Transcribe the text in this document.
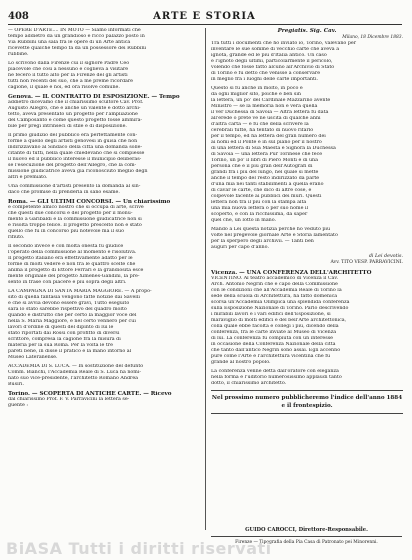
408	ARTE E STORIA
— OPERE D'ARTE.... IN MOTO — Siamo informati che
tempo addietro da un grandioso e ricco palazzo posto in
Via Rubbini una sala fra le opere di un Arte antica
ricevette qualche tempo fa da un possessore dei Rubbini
rubbine.
Lo scrivono dalla Firenze cui il signore Padre Ceo
piacevole che così a nessuno e coglieva a visitare
ne fecero il tutto alto per la Firenze del gli artisti
tutti non recenti del suo, che a me preme ricordare
cagione, il quale è noi, ed ora risolve comune.
Genova. — IL CONTRATTO DI ESPOSIZIONE. — Tempo
addietro dicevamo che il chiarissimo scultore Cav. Prof.
Augusto Allegro, che è anche un valente e dotto archi-
tetto, aveva presentato un progetto per l'ampliazione
del Camposanto e come questo progetto fosse ammira-
bile per pregi intrinseci di stile e di disposizione.
Il primo giudizio del pubblico era perfettamente con-
forme a quello degli artisti genovesi in guisa che non
indirizzavano al Sindaco della città una domanda solle-
citante di tutti, nella quale chiedevano che si compiesse
il nuovo ed il pubblico interesse il municipio deliberas-
se l'esecuzione del progetto dell'Allegro, che la com-
missione giudicatrice aveva già riconosciuto meglio degli
altri e premiato.
Una commissione d'artisti presentò la domanda al sin-
daco che promise di prenderla in sano esame.
Roma. — GLI ULTIMI CONCORSI. — Un chiarissimo
e competente amico nostro che si occupa di arte, scrive
che questi due concorsi e del progetto per il monu-
mento a Garibaldi e la commissione giudicatrice non si
è risolta troppo felice. Il progetto prescelto non è stato
quello che fu in concorso più notevole ma il suo
rifiuto.
Il secondo invece è con molta onestà fu giudice
l'operato della commissione al momento e risolutiva.
Il progetto italiano era effettivamente adatto per le
forme di molti vedere e non fra le quattro scelte che
anima il progetto di Ettore Ferrari e la grandiosità esce
mente originale del progetto Ximenes-Gandini, la pre-
sentò in frase con piacere e più sopra degli altri.
LA CAMPAGNA DI SANTA MARIA MAGGIORE. — A propo-
sito di quella fantasia vengono fatte notizie dai Savelli
e che si avvia devono essere gravi, Tutto eseguito
sarà lo stato sarebbe rispettivo del quadro molto
quando è distrutto che per certo la maggior voce del
nella S. Maria Maggiore, è nel certo vennero per cui
lavori d'ordine di questi del dipinto di lui le
stato riportati dai Rossi con profitto di diversi
scrittore, compresa la cagione fra la misura di
materia per la sua Roma. Per la volta le tre
pareti bene, in disse il pratico e la mano intorno al
Museo Lateranense.
ACCADEMIA DI S. LUCA. — In sostituzione del defunto
Comm. Bianchi, l'Accademia Reale di S. Luca ha nomi-
nato suo vice-presidente, l'architetto Romano Andrea
Busiri.
Torino. — SCOPERTA DI ANTICHE CARTE. — Ricevo
dal chiarissimo Prof. F. V. Parravicini la lettera se-
guente :
Pregiatis. Sig. Cav.
Milano, 18 Dicembre 1883.
Tra tutti i documenti che ho inviato io, Torino, valevano per
inventare le sue somme di vecchio carte che aveva a
ignota, grande ed le più d'Italia antico. Un caso
e l'ignoto degli ultimi, particolarmente il pericolo,
volendo che fosse fatto alcuno all'Archivio di Stato
di Torino e fu detto che venisse a conservare
in meglio fra i luoghi delle carte importanti.
Questo si fu anche in molto, in poco e
da ogni miglior sito, poiché è ben sin
la lettera, un po' del Cardinale Mazzarino avente
Ministro — se la memoria non è vera quella
il ver Duchessa di Savoia — Altra lettera fu data
all'erede o prete ve ne uscita di qualche anni
d'altra carta — e fu che della scrivere la
cerebrali tutte, ha tentato di nuovo rifarlo
per il tempo, ed ha lettera del gran numero dei
ai nomi ed il Ponte e in sul piano per il nostro
di una lettera di Sua Maestà e Signora la Duchessa
di Savoia — una lettera Pur Torinese che fece
Torino, un po' il libri di Piero Monti e di una
persona che è il più gran dell'Autografi di
grandi fra i più del lungo, nel quale si mette
anche il tempo del resto indirizzato da parte
d'una mia nei tanti stabilimenti a quella erano
di cavar le carte, che dico di altre cose, e
colpevole facente ai pubblici dei muri. Questi
lettera non tra il più con la stampa alta
una mia nuova lettera o per suo nome il
scoperto, e con la ricchissima, da saper
quel che, un lotto in mano.
Mando a Lei questa notizia perché ho veduto più
volte nel pregevole giornale Arte e Storia lamentato
per la sperpero degli archivii. — Tanti ben
auguri per capo d'anno.
di Lei devotis.
Avv. TITO VESP. PARRAVICINI.
Vicenza. — UNA CONFERENZA DELL'ARCHITETTO
VICENTINO. Al teatro accademico di Vicenza il Cav.
Arch. Antonio Negrin che è capo della Commissione
con le condizioni che all'Accademia Reale di Torino la
sede della scuola di Architettura, ha fatto domenica
scorsa un'Accademia Olimpica una splendida conferenza
sulla Esposizione Nazionale di Torino. Parlò descrivendo
i mirabili lavori e i vari edifici dell'Esposizione, si
maravigliò di molti edifici e del bell'Arte architettonica,
colla quale ebbe facoltà e collegi i più, dicendo della
conferenza, fra le carte inviate al Museo di Vicenza
di lui. La conferenza fu compiuta con un interesse
in occasione della Conferenza Nazionale della città
che tanto dall'antico Negrin sono assai. Egli accennò
pure come l'Arte e l'architettura vicentina che fu
grande al nostro popolo.
La conferenza venne detta dall'oratore con eleganza
nella forma e l'uditorio numerosissimo applaudì tanto
dotto, il chiarissimo architetto.
Nel prossimo numero pubblicheremo l'indice dell'anno 1884 e il frontespizio.
GUIDO CAROCCI, Direttore-Responsabile.
Firenze — Tipografia della Pia Casa di Patronato pei Minorenni.
BiASA Tutti i diritti riservati
